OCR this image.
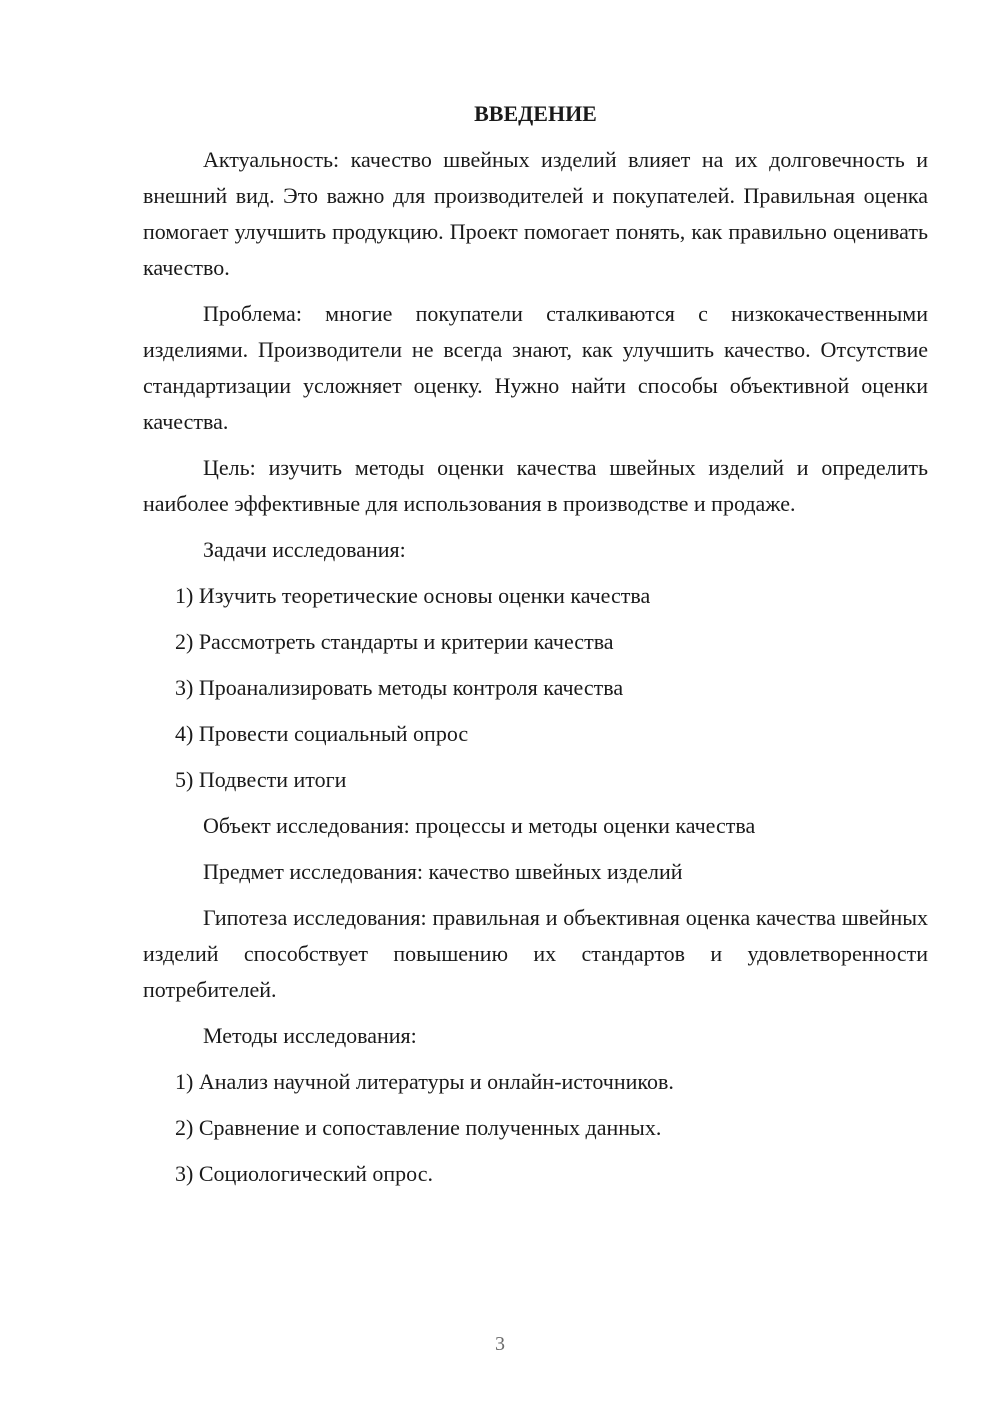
ВВЕДЕНИЕ
Актуальность: качество швейных изделий влияет на их долговечность и внешний вид. Это важно для производителей и покупателей. Правильная оценка помогает улучшить продукцию. Проект помогает понять, как правильно оценивать качество.
Проблема: многие покупатели сталкиваются с низкокачественными изделиями. Производители не всегда знают, как улучшить качество. Отсутствие стандартизации усложняет оценку. Нужно найти способы объективной оценки качества.
Цель: изучить методы оценки качества швейных изделий и определить наиболее эффективные для использования в производстве и продаже.
Задачи исследования:
1) Изучить теоретические основы оценки качества
2) Рассмотреть стандарты и критерии качества
3) Проанализировать методы контроля качества
4) Провести социальный опрос
5) Подвести итоги
Объект исследования: процессы и методы оценки качества
Предмет исследования: качество швейных изделий
Гипотеза исследования: правильная и объективная оценка качества швейных изделий способствует повышению их стандартов и удовлетворенности потребителей.
Методы исследования:
1) Анализ научной литературы и онлайн-источников.
2) Сравнение и сопоставление полученных данных.
3) Социологический опрос.
3
